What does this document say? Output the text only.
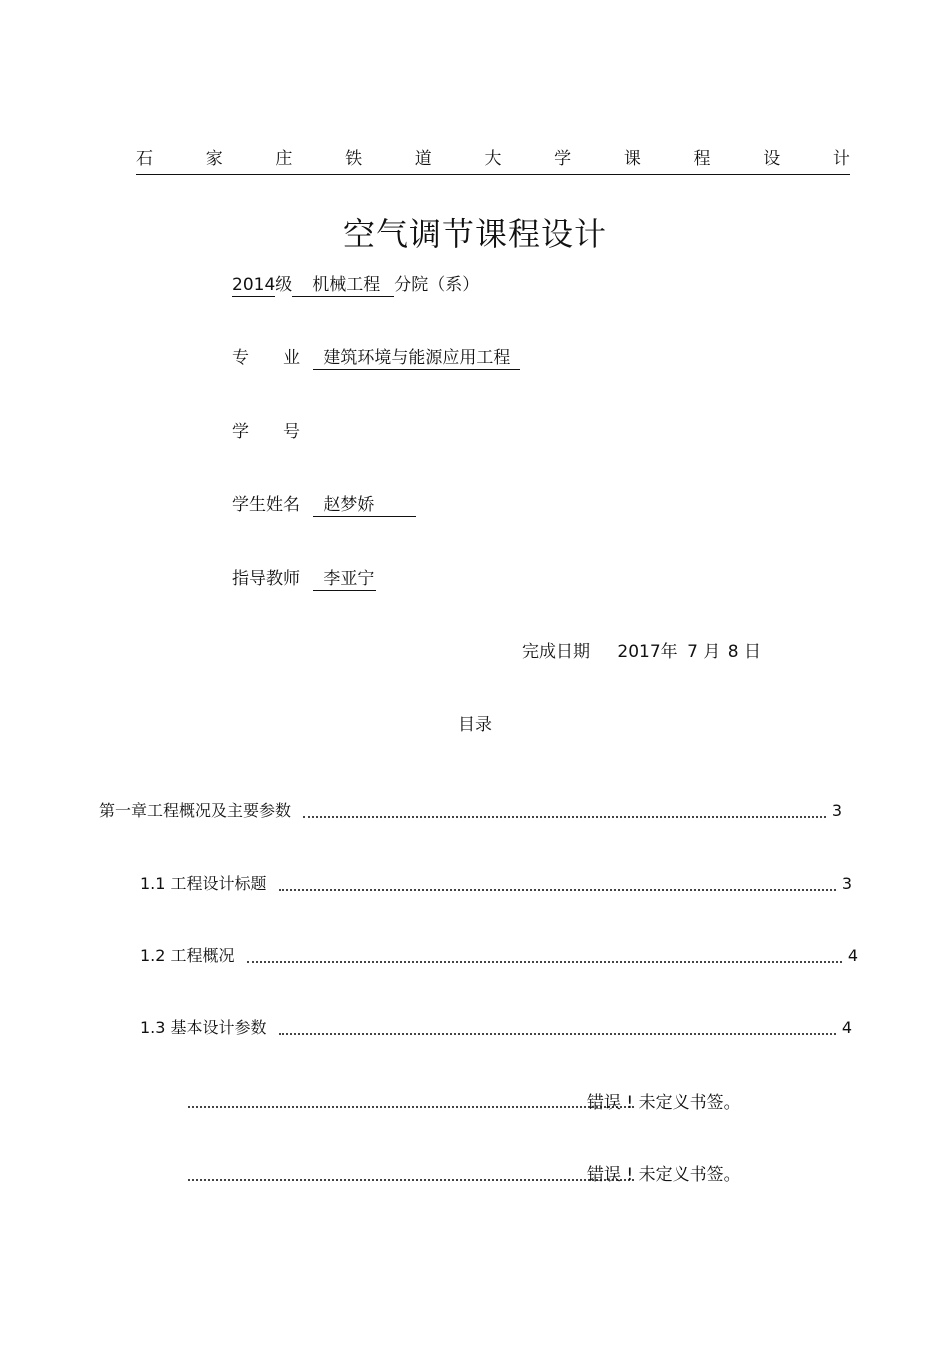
石	家	庄	铁	道	大	学	课	程	设	计
空气调节课程设计
2014级 机械工程 分院（系）
专　　业 建筑环境与能源应用工程
学　　号
学生姓名 赵梦娇
指导教师 李亚宁
完成日期 2017年 7 月 8 日
目录
第一章工程概况及主要参数	3
1.1 工程设计标题	3
1.2 工程概况	4
1.3 基本设计参数	4
错误 ! 未定义书签。
错误 ! 未定义书签。
